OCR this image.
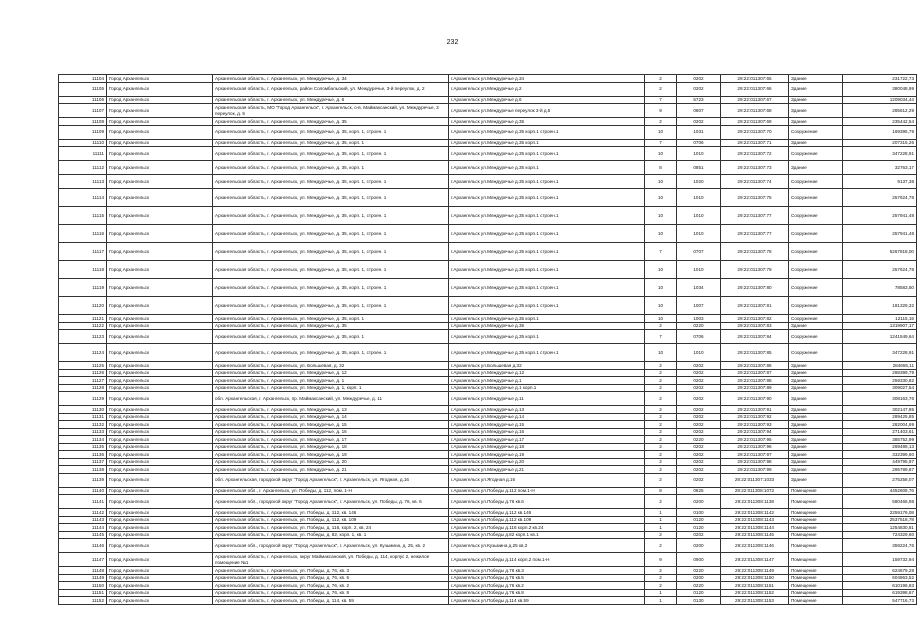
232
11104	Город Архангельск	Архангельская область, г. Архангельск, ул. Междуречье, д. 34	г.Архангельск ул.Междуречье д.34	2	0202	29:22:011307:65	Здание	231722,73
11105	Город Архангельск	Архангельская область, г. Архангельск, район Соломбальский, ул. Междуречье, 3-й переулок, д. 2	г.Архангельск ул.Междуречье д.2	2	0202	29:22:011307:66	Здание	380048,99
11106	Город Архангельск	Архангельская область, г. Архангельск, ул. Междуречье, д. 6	г.Архангельск ул.Междуречье д.6	7	5723	29:22:011307:67	Здание	1209034,44
11107	Город Архангельск	Архангельская область, МО "Город Архангельск", г. Архангельск, о-в. Маймаксанский, ул. Междуречье, 3 переулок, д. 5	г.Архангельск ул.Междуречье переулок 3-й д.5	9	0807	29:22:011307:68	Здание	285612,29
11108	Город Архангельск	Архангельская область, г. Архангельск, ул. Междуречье, д. 35	г.Архангельск ул.Междуречье д.35	2	0202	29:22:011307:69	Здание	235442,54
11109	Город Архангельск	Архангельская область, г. Архангельск, ул. Междуречье, д. 35, корп. 1, строен. 1	г.Архангельск ул.Междуречье д.35 корп.1 строен.1	10	1031	29:22:011307:70	Сооружение	169395,79
11110	Город Архангельск	Архангельская область, г. Архангельск, ул. Междуречье, д. 35, корп. 1	г.Архангельск ул.Междуречье д.35 корп.1	7	0706	29:22:011307:71	Здание	207315,26
11111	Город Архангельск	Архангельская область, г. Архангельск, ул. Междуречье, д. 35, корп. 1, строен. 1	г.Архангельск ул.Междуречье д.35 корп.1 строен.1	10	1010	29:22:011307:72	Сооружение	347228,91
11112	Город Архангельск	Архангельская область, г. Архангельск, ул. Междуречье, д. 35, корп. 1	г.Архангельск ул.Междуречье д.35 корп.1	8	0851	29:22:011307:73	Здание	32763,17
11113	Город Архангельск	Архангельская область, г. Архангельск, ул. Междуречье, д. 35, корп. 1, строен. 1	г.Архангельск ул.Междуречье д.35 корп.1 строен.1	10	1020	29:22:011307:74	Сооружение	9137,38
11114	Город Архангельск	Архангельская область, г. Архангельск, ул. Междуречье, д. 35, корп. 1, строен. 1	г.Архангельск ул.Междуречье д.35 корп.1 строен.1	10	1010	29:22:011307:75	Сооружение	257624,78
11115	Город Архангельск	Архангельская область, г. Архангельск, ул. Междуречье, д. 35, корп. 1, строен. 1	г.Архангельск ул.Междуречье д.35 корп.1 строен.1	10	1010	29:22:011307:77	Сооружение	257941,48
11116	Город Архангельск	Архангельская область, г. Архангельск, ул. Междуречье, д. 35, корп. 1, строен. 1	г.Архангельск ул.Междуречье д.35 корп.1 строен.1	10	1010	29:22:011307:77	Сооружение	257941,48
11117	Город Архангельск	Архангельская область, г. Архангельск, ул. Междуречье, д. 35, корп. 1, строен. 1	г.Архангельск ул.Междуречье д.35 корп.1 строен.1	7	0707	29:22:011307:78	Сооружение	5267818,00
11118	Город Архангельск	Архангельская область, г. Архангельск, ул. Междуречье, д. 35, корп. 1, строен. 1	г.Архангельск ул.Междуречье д.35 корп.1 строен.1	10	1010	29:22:011307:79	Сооружение	257624,78
11119	Город Архангельск	Архангельская область, г. Архангельск, ул. Междуречье, д. 35, корп. 1, строен. 1	г.Архангельск ул.Междуречье д.35 корп.1 строен.1	10	1034	29:22:011307:80	Сооружение	78583,50
11120	Город Архангельск	Архангельская область, г. Архангельск, ул. Междуречье, д. 35, корп. 1, строен. 1	г.Архангельск ул.Междуречье д.35 корп.1 строен.1	10	1007	29:22:011307:81	Сооружение	181329,32
11121	Город Архангельск	Архангельская область, г. Архангельск, ул. Междуречье, д. 35, корп. 1	г.Архангельск ул.Междуречье д.35 корп.1	10	1003	29:22:011307:82	Сооружение	12115,15
11122	Город Архангельск	Архангельская область, г. Архангельск, ул. Междуречье, д. 35	г.Архангельск ул.Междуречье д.35	2	0220	29:22:011307:83	Здание	1319907,17
11123	Город Архангельск	Архангельская область, г. Архангельск, ул. Междуречье, д. 35, корп. 1	г.Архангельск ул.Междуречье д.35 корп.1	7	0706	29:22:011307:84	Сооружение	1241549,64
11124	Город Архангельск	Архангельская область, г. Архангельск, ул. Междуречье, д. 35, корп. 1, строен. 1	г.Архангельск ул.Междуречье д.35 корп.1 строен.1	10	1010	29:22:011307:85	Сооружение	347228,91
11125	Город Архангельск	Архангельская область, г. Архангельск, ул. Большевая, д. 32	г.Архангельск ул.Большевая д.32	2	0202	29:22:011307:86	Здание	284655,11
11126	Город Архангельск	Архангельская область, г. Архангельск, ул. Междуречье, д. 12	г.Архангельск ул.Междуречье д.12	2	0202	29:22:011307:87	Здание	288399,79
11127	Город Архангельск	Архангельская область, г. Архангельск, ул. Междуречье, д. 1	г.Архангельск ул.Междуречье д.1	2	0202	29:22:011307:88	Здание	259330,82
11128	Город Архангельск	Архангельская область, г. Архангельск, ул. Междуречье, д. 1, корп. 1	г.Архангельск ул.Междуречье д.1 корп.1	2	0202	29:22:011307:89	Здание	309027,54
11129	Город Архангельск	обл. Архангельская, г. Архангельск, пр. Маймаксанский, ул. Междуречье, д. 11	г.Архангельск ул.Междуречье д.11	2	0202	29:22:011307:90	Здание	308163,76
11130	Город Архангельск	Архангельская область, г. Архангельск, ул. Междуречье, д. 13	г.Архангельск ул.Междуречье д.13	2	0202	29:22:011307:91	Здание	302147,85
11131	Город Архангельск	Архангельская область, г. Архангельск, ул. Междуречье, д. 14	г.Архангельск ул.Междуречье д.14	2	0202	29:22:011307:92	Здание	289425,85
11132	Город Архангельск	Архангельская область, г. Архангельск, ул. Междуречье, д. 15	г.Архангельск ул.Междуречье д.15	2	0202	29:22:011307:93	Здание	282004,69
11133	Город Архангельск	Архангельская область, г. Архангельск, ул. Междуречье, д. 16	г.Архангельск ул.Междуречье д.16	2	0202	29:22:011307:94	Здание	271403,61
11134	Город Архангельск	Архангельская область, г. Архангельск, ул. Междуречье, д. 17	г.Архангельск ул.Междуречье д.17	2	0220	29:22:011307:95	Здание	385752,99
11135	Город Архангельск	Архангельская область, г. Архангельск, ул. Междуречье, д. 18	г.Архангельск ул.Междуречье д.18	2	0202	29:22:011307:96	Здание	269489,13
11136	Город Архангельск	Архангельская область, г. Архангельск, ул. Междуречье, д. 19	г.Архангельск ул.Междуречье д.19	2	0202	29:22:011307:97	Здание	332399,60
11137	Город Архангельск	Архангельская область, г. Архангельск, ул. Междуречье, д. 20	г.Архангельск ул.Междуречье д.20	2	0202	29:22:011307:98	Здание	449795,97
11138	Город Архангельск	Архангельская область, г. Архангельск, ул. Междуречье, д. 21	г.Архангельск ул.Междуречье д.21	2	0202	29:22:011307:99	Здание	295789,87
11139	Город Архангельск	обл. Архангельская, городской округ "Город Архангельск", г. Архангельск, ул. Ягодная, д.16	г.Архангельск ул.Ягодная д.16	2	0202	29:22:011307:1033	Здание	275258,07
11140	Город Архангельск	Архангельская обл., г. Архангельск, ул. Победы, д. 112, пом. 1-Н	г.Архангельск ул.Победы д.112 пом.1-Н	8	0825	29:22:011308:1072	Помещение	4452608,76
11141	Город Архангельск	Архангельская обл., городской округ "Город Архангельск", г. Архангельск, ул. Победы, д. 76, кв. 6	г.Архангельск ул.Победы д.76 кв.6	2	0200	29:22:011308:1138	Помещение	580466,98
11142	Город Архангельск	Архангельская область, г. Архангельск, ул. Победы, д. 112, кв. 146	г.Архангельск ул.Победы д.112 кв.146	1	0100	29:22:011308:1142	Помещение	2259176,08
11143	Город Архангельск	Архангельская область, г. Архангельск, ул. Победы, д. 112, кв. 109	г.Архангельск ул.Победы д.112 кв.109	1	0120	29:22:011308:1143	Помещение	2537518,78
11144	Город Архангельск	Архангельская область, г. Архангельск, ул. Победы, д. 116, корп. 2, кв. 24	г.Архангельск ул.Победы д.116 корп.2 кв.24	1	0120	29:22:011308:1144	Помещение	1254830,81
11145	Город Архангельск	Архангельская область, г. Архангельск, ул. Победы, д. 82, корп. 1, кв. 1	г.Архангельск ул.Победы д.82 корп.1 кв.1	2	0202	29:22:011308:1145	Помещение	724329,60
11146	Город Архангельск	Архангельская обл., городской округ "Город Архангельск", г. Архангельск, ул. Кузьмина, д. 25, кв. 2	г.Архангельск ул.Кузьмина д.25 кв.2	2	0200	29:22:011308:1146	Помещение	359224,76
11147	Город Архангельск	Архангельская область, г. Архангельск, округ Маймаксанский, ул. Победы, д. 114, корпус 2, нежилое помещение №1	г.Архангельск ул.Победы д.114 корп.2 пом.1-Н	9	0900	29:22:011308:1147	Помещение	159732,94
11148	Город Архангельск	Архангельская область, г. Архангельск, ул. Победы, д. 76, кв. 3	г.Архангельск ул.Победы д.76 кв.3	2	0220	29:22:011308:1149	Помещение	624679,28
11149	Город Архангельск	Архангельская область, г. Архангельск, ул. Победы, д. 76, кв. 5	г.Архангельск ул.Победы д.76 кв.5	2	0200	29:22:011308:1150	Помещение	604863,52
11150	Город Архангельск	Архангельская область, г. Архангельск, ул. Победы, д. 76, кв. 2	г.Архангельск ул.Победы д.76 кв.2	2	0220	29:22:011308:1151	Помещение	610196,83
11151	Город Архангельск	Архангельская область, г. Архангельск, ул. Победы, д. 76, кв. 8	г.Архангельск ул.Победы д.76 кв.8	1	0120	29:22:011308:1152	Помещение	619398,67
11152	Город Архангельск	Архангельская область, г. Архангельск, ул. Победы, д. 114, кв. 59	г.Архангельск ул.Победы д.114 кв.59	1	0130	29:22:011308:1153	Помещение	547716,73
